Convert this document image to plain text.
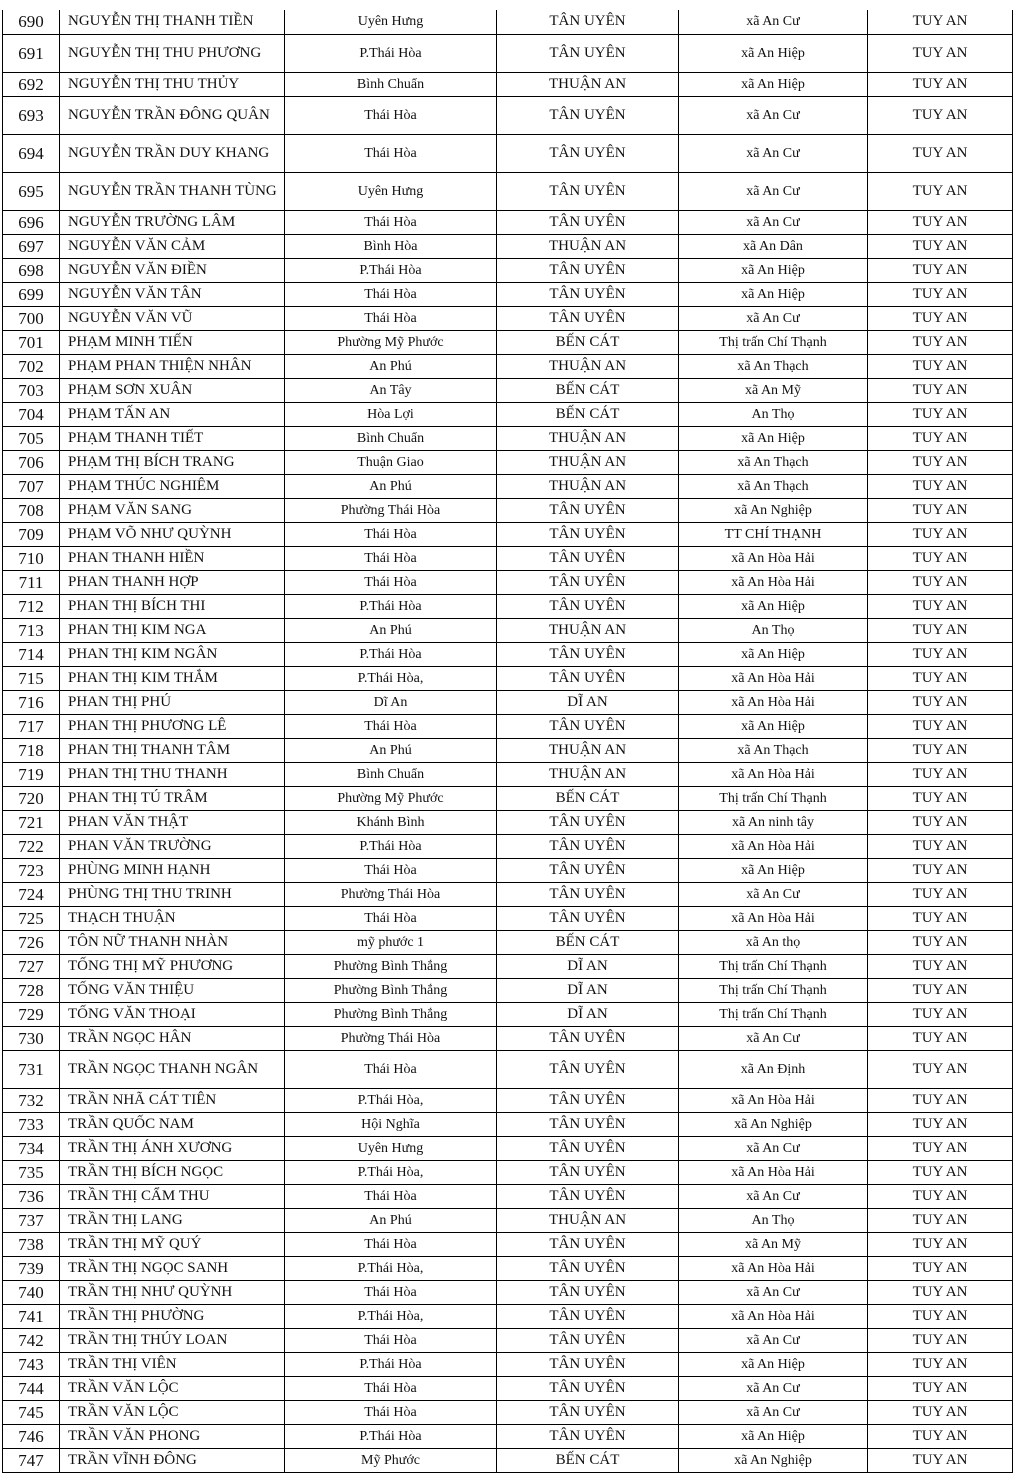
690	NGUYỄN THỊ THANH TIỀN	Uyên Hưng	TÂN UYÊN	xã An Cư	TUY AN
691	NGUYỄN THỊ THU PHƯƠNG	P.Thái Hòa	TÂN UYÊN	xã An Hiệp	TUY AN
692	NGUYỄN THỊ THU THỦY	Bình Chuẩn	THUẬN AN	xã An Hiệp	TUY AN
693	NGUYỄN TRẦN ĐÔNG QUÂN	Thái Hòa	TÂN UYÊN	xã An Cư	TUY AN
694	NGUYỄN TRẦN DUY KHANG	Thái Hòa	TÂN UYÊN	xã An Cư	TUY AN
695	NGUYỄN TRẦN THANH TÙNG	Uyên Hưng	TÂN UYÊN	xã An Cư	TUY AN
696	NGUYỄN TRƯỜNG LÂM	Thái Hòa	TÂN UYÊN	xã An Cư	TUY AN
697	NGUYỄN VĂN CẢM	Bình Hòa	THUẬN AN	xã An Dân	TUY AN
698	NGUYỄN VĂN ĐIỀN	P.Thái Hòa	TÂN UYÊN	xã An Hiệp	TUY AN
699	NGUYỄN VĂN TÂN	Thái Hòa	TÂN UYÊN	xã An Hiệp	TUY AN
700	NGUYỄN VĂN VŨ	Thái Hòa	TÂN UYÊN	xã An Cư	TUY AN
701	PHẠM MINH TIẾN	Phường Mỹ Phước	BẾN CÁT	Thị trấn Chí Thạnh	TUY AN
702	PHẠM PHAN THIỆN NHÂN	An Phú	THUẬN AN	xã An Thạch	TUY AN
703	PHẠM SƠN XUÂN	An Tây	BẾN CÁT	xã An Mỹ	TUY AN
704	PHẠM TẤN AN	Hòa Lợi	BẾN CÁT	An Thọ	TUY AN
705	PHẠM THANH TIẾT	Bình Chuẩn	THUẬN AN	xã An Hiệp	TUY AN
706	PHẠM THỊ BÍCH TRANG	Thuận Giao	THUẬN AN	xã An Thạch	TUY AN
707	PHẠM THÚC NGHIÊM	An Phú	THUẬN AN	xã An Thạch	TUY AN
708	PHẠM VĂN SANG	Phường Thái Hòa	TÂN UYÊN	xã An Nghiệp	TUY AN
709	PHẠM VÕ NHƯ QUỲNH	Thái Hòa	TÂN UYÊN	TT CHÍ THẠNH	TUY AN
710	PHAN THANH HIỀN	Thái Hòa	TÂN UYÊN	xã An Hòa Hải	TUY AN
711	PHAN THANH HỢP	Thái Hòa	TÂN UYÊN	xã An Hòa Hải	TUY AN
712	PHAN THỊ BÍCH THI	P.Thái Hòa	TÂN UYÊN	xã An Hiệp	TUY AN
713	PHAN THỊ KIM NGA	An Phú	THUẬN AN	An Thọ	TUY AN
714	PHAN THỊ KIM NGÂN	P.Thái Hòa	TÂN UYÊN	xã An Hiệp	TUY AN
715	PHAN THỊ KIM THẮM	P.Thái Hòa,	TÂN UYÊN	xã An Hòa Hải	TUY AN
716	PHAN THỊ PHÚ	Dĩ An	DĨ AN	xã An Hòa Hải	TUY AN
717	PHAN THỊ PHƯƠNG LÊ	Thái Hòa	TÂN UYÊN	xã An Hiệp	TUY AN
718	PHAN THỊ THANH TÂM	An Phú	THUẬN AN	xã An Thạch	TUY AN
719	PHAN THỊ THU THANH	Bình Chuẩn	THUẬN AN	xã An Hòa Hải	TUY AN
720	PHAN THỊ TÚ TRÂM	Phường Mỹ Phước	BẾN CÁT	Thị trấn Chí Thạnh	TUY AN
721	PHAN VĂN THẬT	Khánh Bình	TÂN UYÊN	xã An ninh tây	TUY AN
722	PHAN VĂN TRƯỜNG	P.Thái Hòa	TÂN UYÊN	xã An Hòa Hải	TUY AN
723	PHÙNG MINH HẠNH	Thái Hòa	TÂN UYÊN	xã An Hiệp	TUY AN
724	PHÙNG THỊ THU TRINH	Phường Thái Hòa	TÂN UYÊN	xã An Cư	TUY AN
725	THẠCH THUẬN	Thái Hòa	TÂN UYÊN	xã An Hòa Hải	TUY AN
726	TÔN NỮ THANH NHÀN	mỹ phước 1	BẾN CÁT	xã An thọ	TUY AN
727	TỐNG THỊ MỸ PHƯƠNG	Phường Bình Thắng	DĨ AN	Thị trấn Chí Thạnh	TUY AN
728	TỐNG VĂN THIỆU	Phường Bình Thắng	DĨ AN	Thị trấn Chí Thạnh	TUY AN
729	TỐNG VĂN THOẠI	Phường Bình Thắng	DĨ AN	Thị trấn Chí Thạnh	TUY AN
730	TRẦN NGỌC HÂN	Phường Thái Hòa	TÂN UYÊN	xã An Cư	TUY AN
731	TRẦN NGỌC THANH NGÂN	Thái Hòa	TÂN UYÊN	xã An Định	TUY AN
732	TRẦN NHÃ CÁT TIÊN	P.Thái Hòa,	TÂN UYÊN	xã An Hòa Hải	TUY AN
733	TRẦN QUỐC NAM	Hội Nghĩa	TÂN UYÊN	xã An Nghiệp	TUY AN
734	TRẦN THỊ ÁNH XƯƠNG	Uyên Hưng	TÂN UYÊN	xã An Cư	TUY AN
735	TRẦN THỊ BÍCH NGỌC	P.Thái Hòa,	TÂN UYÊN	xã An Hòa Hải	TUY AN
736	TRẦN THỊ CẨM THU	Thái Hòa	TÂN UYÊN	xã An Cư	TUY AN
737	TRẦN THỊ LANG	An Phú	THUẬN AN	An Thọ	TUY AN
738	TRẦN THỊ MỸ QUÝ	Thái Hòa	TÂN UYÊN	xã An Mỹ	TUY AN
739	TRẦN THỊ NGỌC SANH	P.Thái Hòa,	TÂN UYÊN	xã An Hòa Hải	TUY AN
740	TRẦN THỊ NHƯ QUỲNH	Thái Hòa	TÂN UYÊN	xã An Cư	TUY AN
741	TRẦN THỊ PHƯỜNG	P.Thái Hòa,	TÂN UYÊN	xã An Hòa Hải	TUY AN
742	TRẦN THỊ THÚY LOAN	Thái Hòa	TÂN UYÊN	xã An Cư	TUY AN
743	TRẦN THỊ VIÊN	P.Thái Hòa	TÂN UYÊN	xã An Hiệp	TUY AN
744	TRẦN VĂN LỘC	Thái Hòa	TÂN UYÊN	xã An Cư	TUY AN
745	TRẦN VĂN LỘC	Thái Hòa	TÂN UYÊN	xã An Cư	TUY AN
746	TRẦN VĂN PHONG	P.Thái Hòa	TÂN UYÊN	xã An Hiệp	TUY AN
747	TRẦN VĨNH ĐÔNG	Mỹ Phước	BẾN CÁT	xã An Nghiệp	TUY AN
